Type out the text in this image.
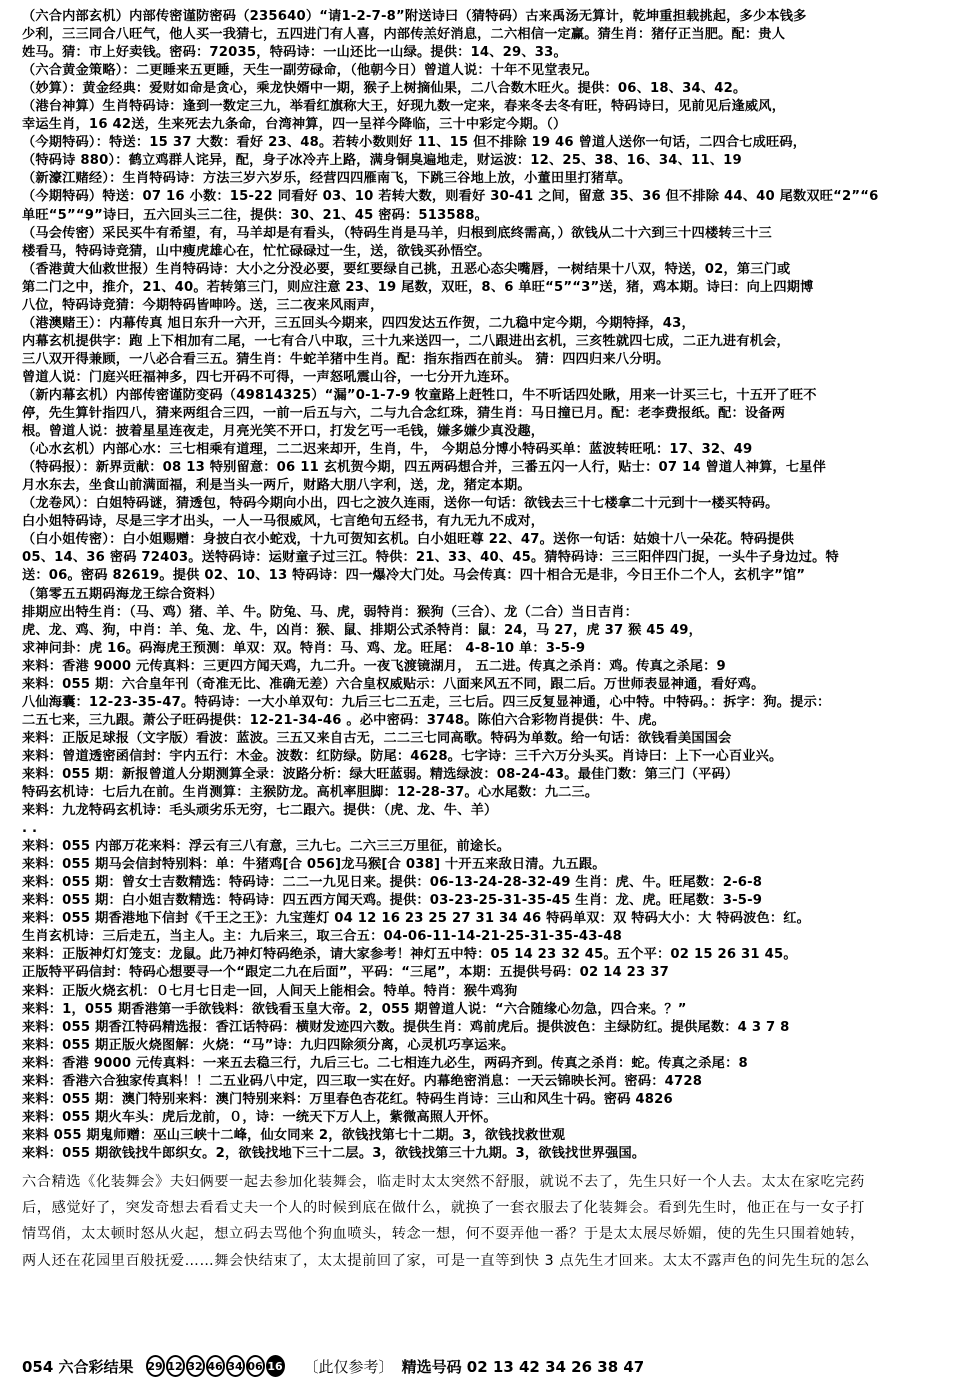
（六合内部玄机）内部传密谨防密码（235640）“请1-2-7-8”附送诗曰（猜特码）古来禹汤无算计，乾坤重担载挑起，多少本钱多
少利，三三同合八旺气，他人买一我猜七，五四进门有人喜，内部传羔好消息，二六相信一定赢。猜生肖：猪仔正当肥。配：贵人
姓马。猜：市上好卖钱。密码：72035，特码诗：一山还比一山绿。提供：14、29、33。
（六合黄金策略）：二更睡来五更睡，天生一副劳碌命，（他朝今日）曾道人说：十年不见堂表兄。
（妙算）：黄金经典：爱财如命是贪心，乘龙快婿中一期，猴子上树摘仙果，二八合数木旺火。提供：06、18、34、42。
（港台神算）生肖特码诗：逢到一数定三九，举看红旗称大王，好现九数一定来，春来冬去冬有旺，特码诗曰，见前见后逢威风，
幸运生肖，16 42送，生来死去九条命，台湾神算，四一呈祥今降临，三十中彩定今期。（）
（今期特码）：特送：15 37 大数：看好 23、48。若转小数则好 11、15 但不排除 19 46 曾道人送你一句话，二四合七成旺码，
（特码诗 880）：鹤立鸡群人诧异，配，身子冰冷卉上路，满身铜臭遍地走，财运波：12、25、38、16、34、11、19
（新濠江赌经）：生肖特码诗：方法三岁六岁乐，经营四四雁南飞，下跳三谷地上放，小董田里打猪草。
（今期特码）特送：07 16 小数：15-22 同看好 03、10 若转大数，则看好 30-41 之间，留意 35、36 但不排除 44、40 尾数双旺“2”“6
单旺“5”“9”诗曰，五六回头三二往，提供：30、21、45 密码：513588。
（马会传密）采民买牛有希望，有，马羊却是有看头，（特码生肖是马羊，归根到底终需高，）欲钱从二十六到三十四楼转三十三
楼看马，特码诗竞猜，山中瘦虎雄心在，忙忙碌碌过一生，送，欲钱买孙悟空。
（香港黄大仙救世报）生肖特码诗：大小之分没必要，要红要绿自己挑，丑恶心态尖嘴唇，一树结果十八双，特送，02，第三门或
第二门之中，推介，21、40。若转第三门，则应注意 23、19 尾数，双旺，8、6 单旺“5”“3”送，猪，鸡本期。诗曰：向上四期博
八位，特码诗竞猜：今期特码皆呻吟。送，三二夜来风雨声，
（港澳赌王）：内幕传真 旭日东升一六开，三五回头今期来，四四发达五作贺，二九稳中定今期，今期特择，43，
内幕玄机提供字：跑 上下相加有二尾，一七有合八中取，三十九来送四一，二八跟进出玄机，三亥牲就四七成，二正九进有机会，
三八双开得兼顾，一八必合看三五。猜生肖：牛蛇羊猪中生肖。配：指东指西在前头。 猜：四四归来八分明。
曾道人说：门庭兴旺福神多，四七开码不可得，一声怒吼震山谷，一七分开九连环。
（新内幕玄机）内部传密谨防变码（49814325）“漏”0-1-7-9 牧童路上赶牲口，牛不听话四处瞅，用来一计买三七，十五开了旺不
停，先生算针指四八，猜来两组合三四，一前一后五与六，二与九合念红珠，猜生肖：马日撞已月。配：老李费报纸。配：设备两
根。曾道人说：披着星星连夜走，月亮光笑不开口，打发乞丐一毛钱，嫌多嫌少真没趣，
（心水玄机）内部心水：三七相乘有道理，二二迟来却开，生肖，牛， 今期总分博小特码买单：蓝波转旺吼：17、32、49
（特码报）：新界贡献：08 13 特别留意：06 11 玄机贺今期，四五两码想合并，三番五闪一人行，贴士：07 14 曾道人神算，七星伴
月水东去，坐食山前满面福，利是当头一两斤，财路大朋八字利，送，龙，猪定本期。
（龙卷风）：白姐特码谜，猜透包，特码今期向小出，四七之波久连雨，送你一句话：欲钱去三十七楼拿二十元到十一楼买特码。
白小姐特码诗，尽是三字才出头，一人一马很威风，七言绝句五经书，有九无九不成对，
（白小姐传密）：白小姐赐赠：身披白衣小蛇戏，十九可贺知玄机。白小姐旺尊 22、47。送你一句话：姑娘十八一朵花。特码提供
05、14、36 密码 72403。送特码诗：运财童子过三江。特供：21、33、40、45。猜特码诗：三三阳伴四门捉，一头牛子身边过。特
送：06。密码 82619。提供 02、10、13 特码诗：四一爆冷大门处。马会传真：四十相合无是非，今日王仆二个人，玄机字”馆”
（第零五五期码海龙王综合资料）
排期应出特生肖：（马、鸡）猪、羊、牛。防兔、马、虎，弱特肖：猴狗（三合）、龙（二合）当日吉肖：
虎、龙、鸡、狗，中肖：羊、兔、龙、牛，凶肖：猴、鼠、排期公式杀特肖：鼠：24，马 27，虎 37 猴 45 49，
求神问卦：虎 16。码海虎王预测：单双：双。特肖：马、鸡、龙。旺尾： 4-8-10 单：3-5-9
来料：香港 9000 元传真料：三更四方闻天鸡，九二升。一夜飞渡镜湖月， 五二进。传真之杀肖：鸡。传真之杀尾：9
来料：055 期：六合皇年刊（奇准无比、准确无差）六合皇权威贴示：八面来风五不同，跟二后。万世师表显神通，看好鸡。
八仙海囊：12-23-35-47。特码诗：一大小单双句：九后三七二五走，三七后。四三反复显神通，心中特。中特码。：拆字：狗。提示：
二五七来，三九跟。萧公子旺码提供：12-21-34-46 。必中密码：3748。陈伯六合彩物肖提供：牛、虎。
来料：正版足球报（文字版）看波：蓝波。三五又来自古无，二二三七同高歌。特码为单数。给一句话：欲钱看美国国会
来料：曾道透密函信封：宇内五行：木金。波数：红防绿。防尾：4628。七字诗：三千六万分头买。肖诗曰：上下一心百业兴。
来料：055 期：新报曾道人分期测算全录：波路分析：绿大旺蓝弱。精选绿波：08-24-43。最佳门数：第三门（平码）
特码玄机诗：七后九在前。生肖测算：主猴防龙。高机率胆脚：12-28-37。心水尾数：九二三。
来料：九龙特码玄机诗：毛头顽劣乐无穷，七二跟六。提供：（虎、龙、牛、羊）
. .
来料：055 内部万花来料：浮云有三八有意，三九七。二六三三万里征，前途长。
来料：055 期马会信封特别料：单：牛猪鸡[合 056]龙马猴[合 038] 十开五来敌日清。九五跟。
来料：055 期：曾女士吉数精选：特码诗：二二一九见日来。提供：06-13-24-28-32-49 生肖：虎、牛。旺尾数：2-6-8
来料：055 期：白小姐吉数精选：特码诗：四五西方闻天鸡。提供：03-23-25-31-35-45 生肖：龙、虎。旺尾数：3-5-9
来料：055 期香港地下信封《千王之王》：九宝莲灯 04 12 16 23 25 27 31 34 46 特码单双：双 特码大小：大 特码波色：红。
生肖玄机诗：三后走五，当主人。主：九后来三，取三合五：04-06-11-14-21-25-31-35-43-48
来料：正版神灯灯笼支：龙鼠。此乃神灯特码绝杀，请大家参考！神灯五中特：05 14 23 32 45。五个平：02 15 26 31 45。
正版特平码信封：特码心想要寻一个“跟定二九在后面”，平码：“三尾”，本期：五提供号码：02 14 23 37
来料：正版火烧玄机：０七月七日走一回，人间天上能相会。特单。特肖：猴牛鸡狗
来料：1，055 期香港第一手欲钱料：欲钱看玉皇大帝。2，055 期曾道人说：“六合随缘心勿急，四合来。？”
来料：055 期香江特码精选报：香江话特码：横财发迹四六数。提供生肖：鸡前虎后。提供波色：主绿防红。提供尾数：4 3 7 8
来料：055 期正版火烧图解：火烧：“马”诗：九归四除须分离，心灵机巧享运来。
来料：香港 9000 元传真料：一来五去稳三行，九后三七。二七相连九必生，两码齐到。传真之杀肖：蛇。传真之杀尾：8
来料：香港六合独家传真料！！二五业码八中定，四三取一实在好。内幕绝密消息：一天云锦映长河。密码：4728
来料：055 期：澳门特别来料：澳门特别来料：万里春色杏花红。特码生肖诗：三山和风生十码。密码 4826
来料：055 期火车头：虎后龙前，０，诗：一统天下万人上，紫微高照人开怀。
来料 055 期鬼师赠：巫山三峡十二峰，仙女同来 2，欲钱找第七十二期。3，欲钱找救世观
来料：055 期欲钱找牛郎织女。2，欲钱找地下三十二层。3，欲钱找第三十九期。3，欲钱找世界强国。
六合精选《化装舞会》夫妇俩要一起去参加化装舞会，临走时太太突然不舒服，就说不去了，先生只好一个人去。太太在家吃完药
后，感觉好了，突发奇想去看看丈夫一个人的时候到底在做什么，就换了一套衣服去了化装舞会。看到先生时，他正在与一女子打
情骂俏，太太顿时怒从火起，想立码去骂他个狗血喷头，转念一想，何不耍弄他一番？于是太太展尽娇媚，使的先生只围着她转，
两人还在花园里百般抚爱……舞会快结束了，太太提前回了家，可是一直等到快 3 点先生才回来。太太不露声色的问先生玩的怎么
054 六合彩结果 29 12 32 46 34 06 16 〔此仅参考〕 精选号码 02 13 42 34 26 38 47
